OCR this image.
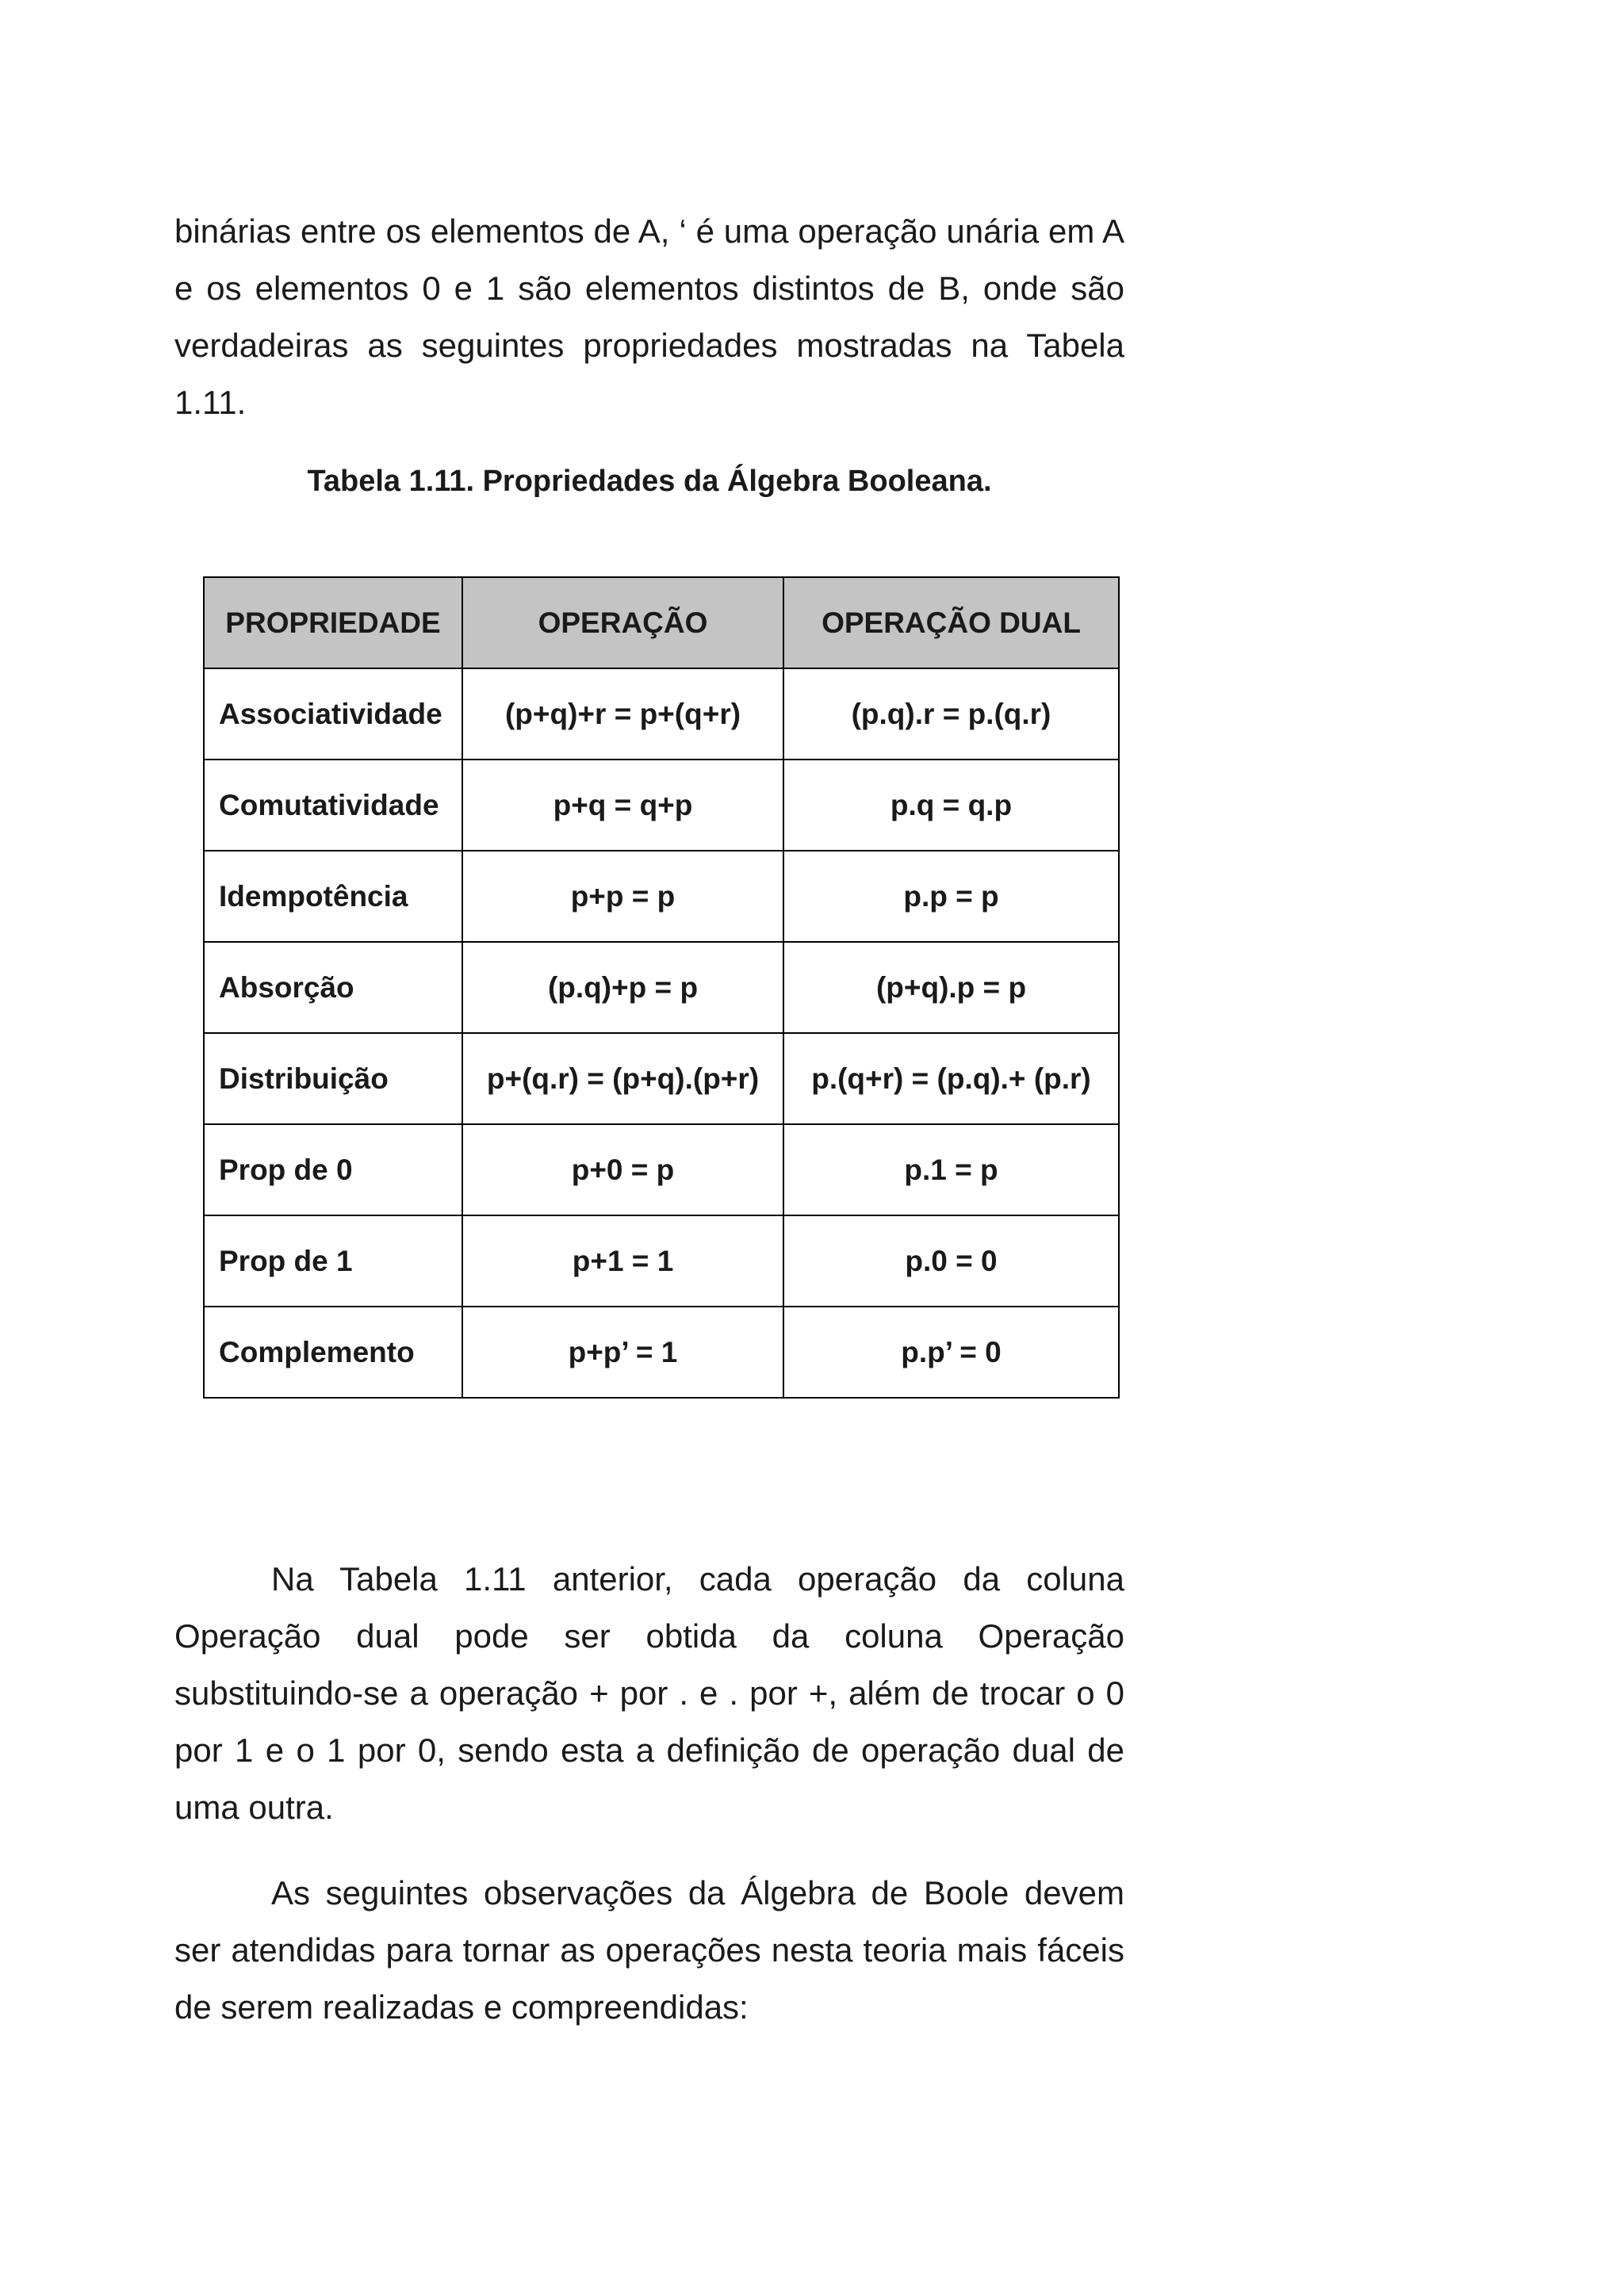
binárias entre os elementos de A, ‘ é uma operação unária em A e os elementos 0 e 1 são elementos distintos de B, onde são verdadeiras as seguintes propriedades mostradas na Tabela 1.11.

Tabela 1.11. Propriedades da Álgebra Booleana.

PROPRIEDADE	OPERAÇÃO	OPERAÇÃO DUAL
Associatividade	(p+q)+r = p+(q+r)	(p.q).r = p.(q.r)
Comutatividade	p+q = q+p	p.q = q.p
Idempotência	p+p = p	p.p = p
Absorção	(p.q)+p = p	(p+q).p = p
Distribuição	p+(q.r) = (p+q).(p+r)	p.(q+r) = (p.q).+ (p.r)
Prop de 0	p+0 = p	p.1 = p
Prop de 1	p+1 = 1	p.0 = 0
Complemento	p+p’ = 1	p.p’ = 0

Na Tabela 1.11 anterior, cada operação da coluna Operação dual pode ser obtida da coluna Operação substituindo-se a operação + por . e . por +, além de trocar o 0 por 1 e o 1 por 0, sendo esta a definição de operação dual de uma outra.

As seguintes observações da Álgebra de Boole devem ser atendidas para tornar as operações nesta teoria mais fáceis de serem realizadas e compreendidas:
